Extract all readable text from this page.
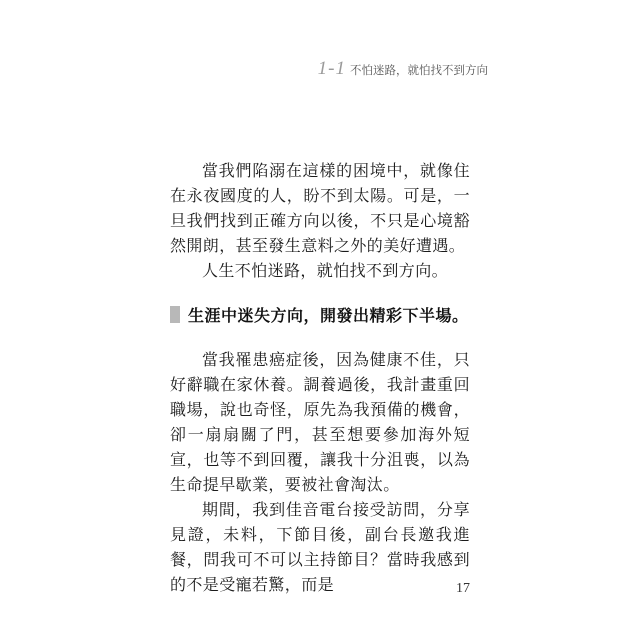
1-1 不怕迷路，就怕找不到方向

當我們陷溺在這樣的困境中，就像住在永夜國度的人，盼不到太陽。可是，一旦我們找到正確方向以後，不只是心境豁然開朗，甚至發生意料之外的美好遭遇。

人生不怕迷路，就怕找不到方向。

生涯中迷失方向，開發出精彩下半場。

當我罹患癌症後，因為健康不佳，只好辭職在家休養。調養過後，我計畫重回職場，說也奇怪，原先為我預備的機會，卻一扇扇關了門，甚至想要參加海外短宣，也等不到回覆，讓我十分沮喪，以為生命提早歇業，要被社會淘汰。

期間，我到佳音電台接受訪問，分享見證，未料，下節目後，副台長邀我進餐，問我可不可以主持節目？當時我感到的不是受寵若驚，而是	17
